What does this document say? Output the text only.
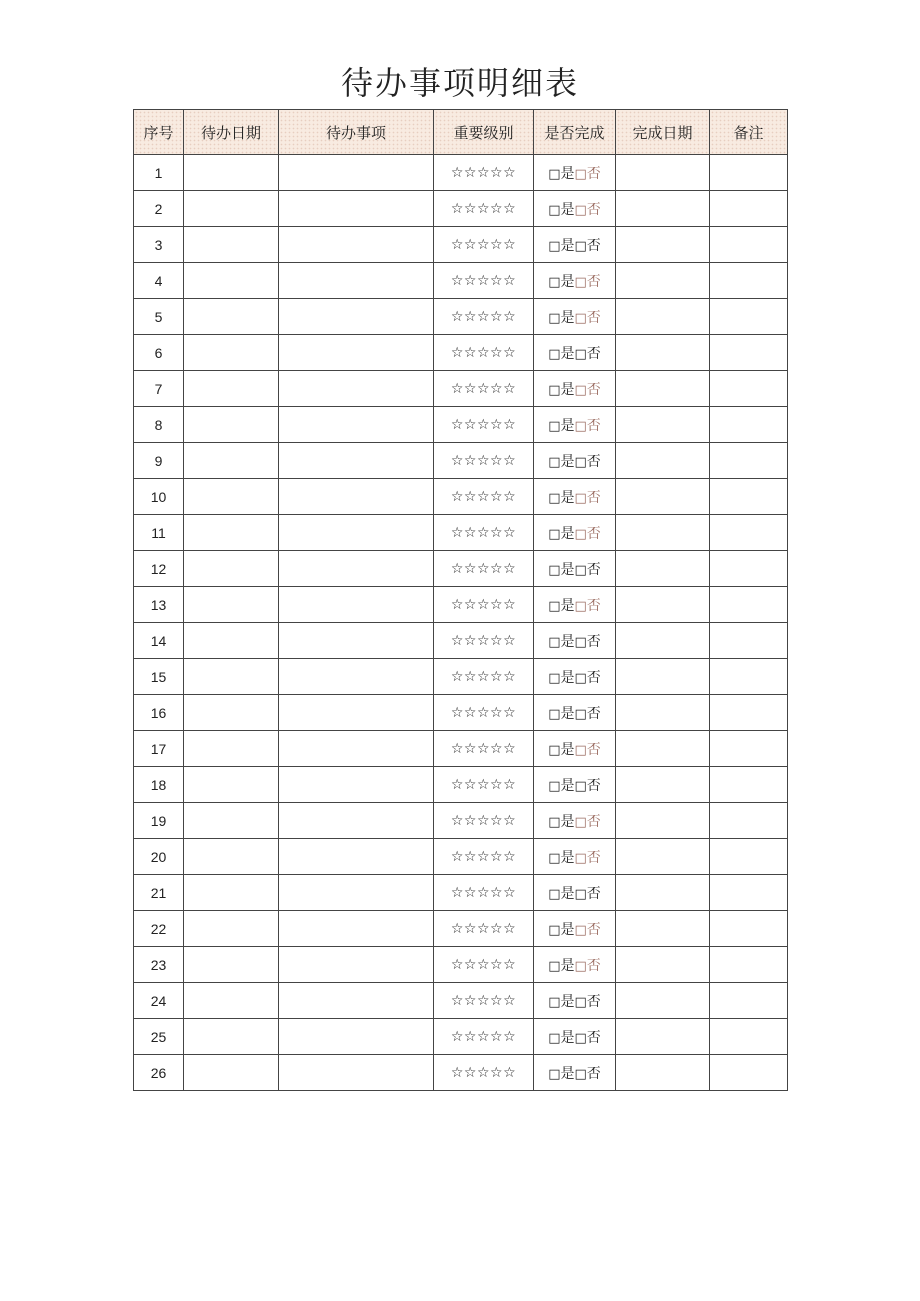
待办事项明细表
序号	待办日期	待办事项	重要级别	是否完成	完成日期	备注
1			☆☆☆☆☆	□是□否		
2			☆☆☆☆☆	□是□否		
3			☆☆☆☆☆	□是□否		
4			☆☆☆☆☆	□是□否		
5			☆☆☆☆☆	□是□否		
6			☆☆☆☆☆	□是□否		
7			☆☆☆☆☆	□是□否		
8			☆☆☆☆☆	□是□否		
9			☆☆☆☆☆	□是□否		
10			☆☆☆☆☆	□是□否		
11			☆☆☆☆☆	□是□否		
12			☆☆☆☆☆	□是□否		
13			☆☆☆☆☆	□是□否		
14			☆☆☆☆☆	□是□否		
15			☆☆☆☆☆	□是□否		
16			☆☆☆☆☆	□是□否		
17			☆☆☆☆☆	□是□否		
18			☆☆☆☆☆	□是□否		
19			☆☆☆☆☆	□是□否		
20			☆☆☆☆☆	□是□否		
21			☆☆☆☆☆	□是□否		
22			☆☆☆☆☆	□是□否		
23			☆☆☆☆☆	□是□否		
24			☆☆☆☆☆	□是□否		
25			☆☆☆☆☆	□是□否		
26			☆☆☆☆☆	□是□否		
